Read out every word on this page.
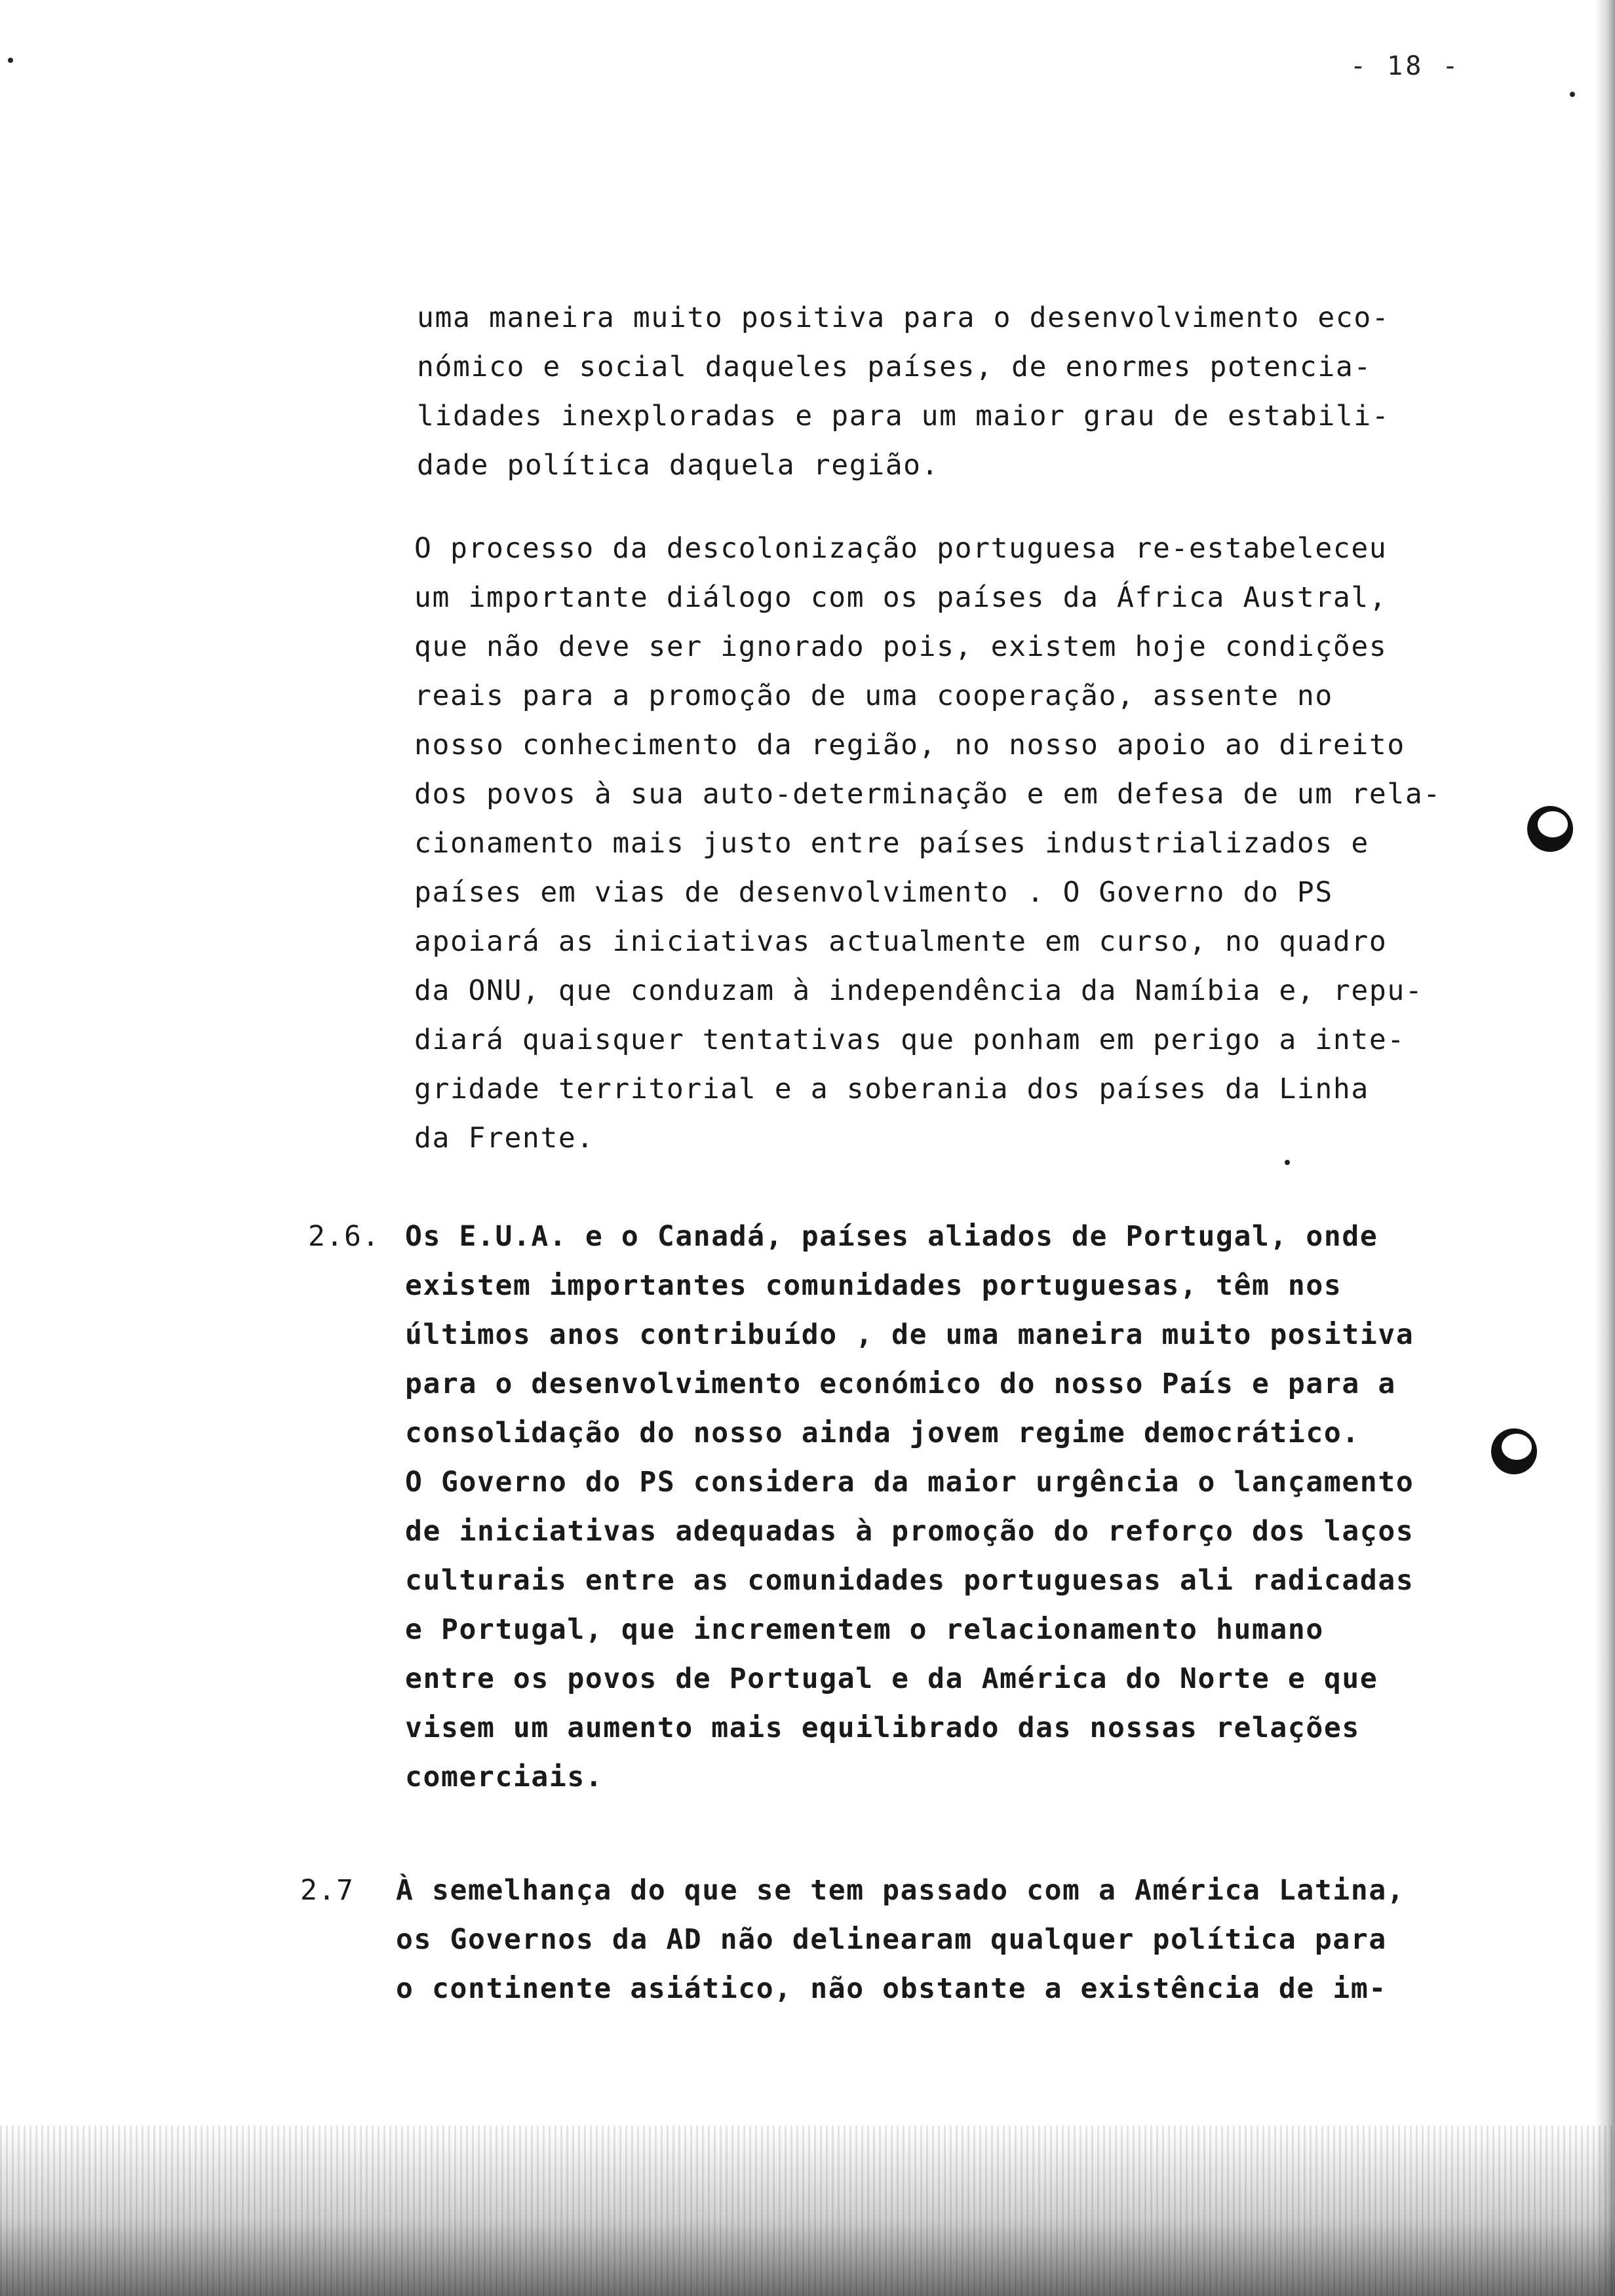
- 18 -
uma maneira muito positiva para o desenvolvimento eco-
nómico e social daqueles países, de enormes potencia-
lidades inexploradas e para um maior grau de estabili-
dade política daquela região.
O processo da descolonização portuguesa re-estabeleceu
um importante diálogo com os países da África Austral,
que não deve ser ignorado pois, existem hoje condições
reais para a promoção de uma cooperação, assente no
nosso conhecimento da região, no nosso apoio ao direito
dos povos à sua auto-determinação e em defesa de um rela-
cionamento mais justo entre países industrializados e
países em vias de desenvolvimento . O Governo do PS
apoiará as iniciativas actualmente em curso, no quadro
da ONU, que conduzam à independência da Namíbia e, repu-
diará quaisquer tentativas que ponham em perigo a inte-
gridade territorial e a soberania dos países da Linha
da Frente.
2.6. Os E.U.A. e o Canadá, países aliados de Portugal, onde
existem importantes comunidades portuguesas, têm nos
últimos anos contribuído , de uma maneira muito positiva
para o desenvolvimento económico do nosso País e para a
consolidação do nosso ainda jovem regime democrático.
O Governo do PS considera da maior urgência o lançamento
de iniciativas adequadas à promoção do reforço dos laços
culturais entre as comunidades portuguesas ali radicadas
e Portugal, que incrementem o relacionamento humano
entre os povos de Portugal e da América do Norte e que
visem um aumento mais equilibrado das nossas relações
comerciais.
2.7 À semelhança do que se tem passado com a América Latina,
os Governos da AD não delinearam qualquer política para
o continente asiático, não obstante a existência de im-
